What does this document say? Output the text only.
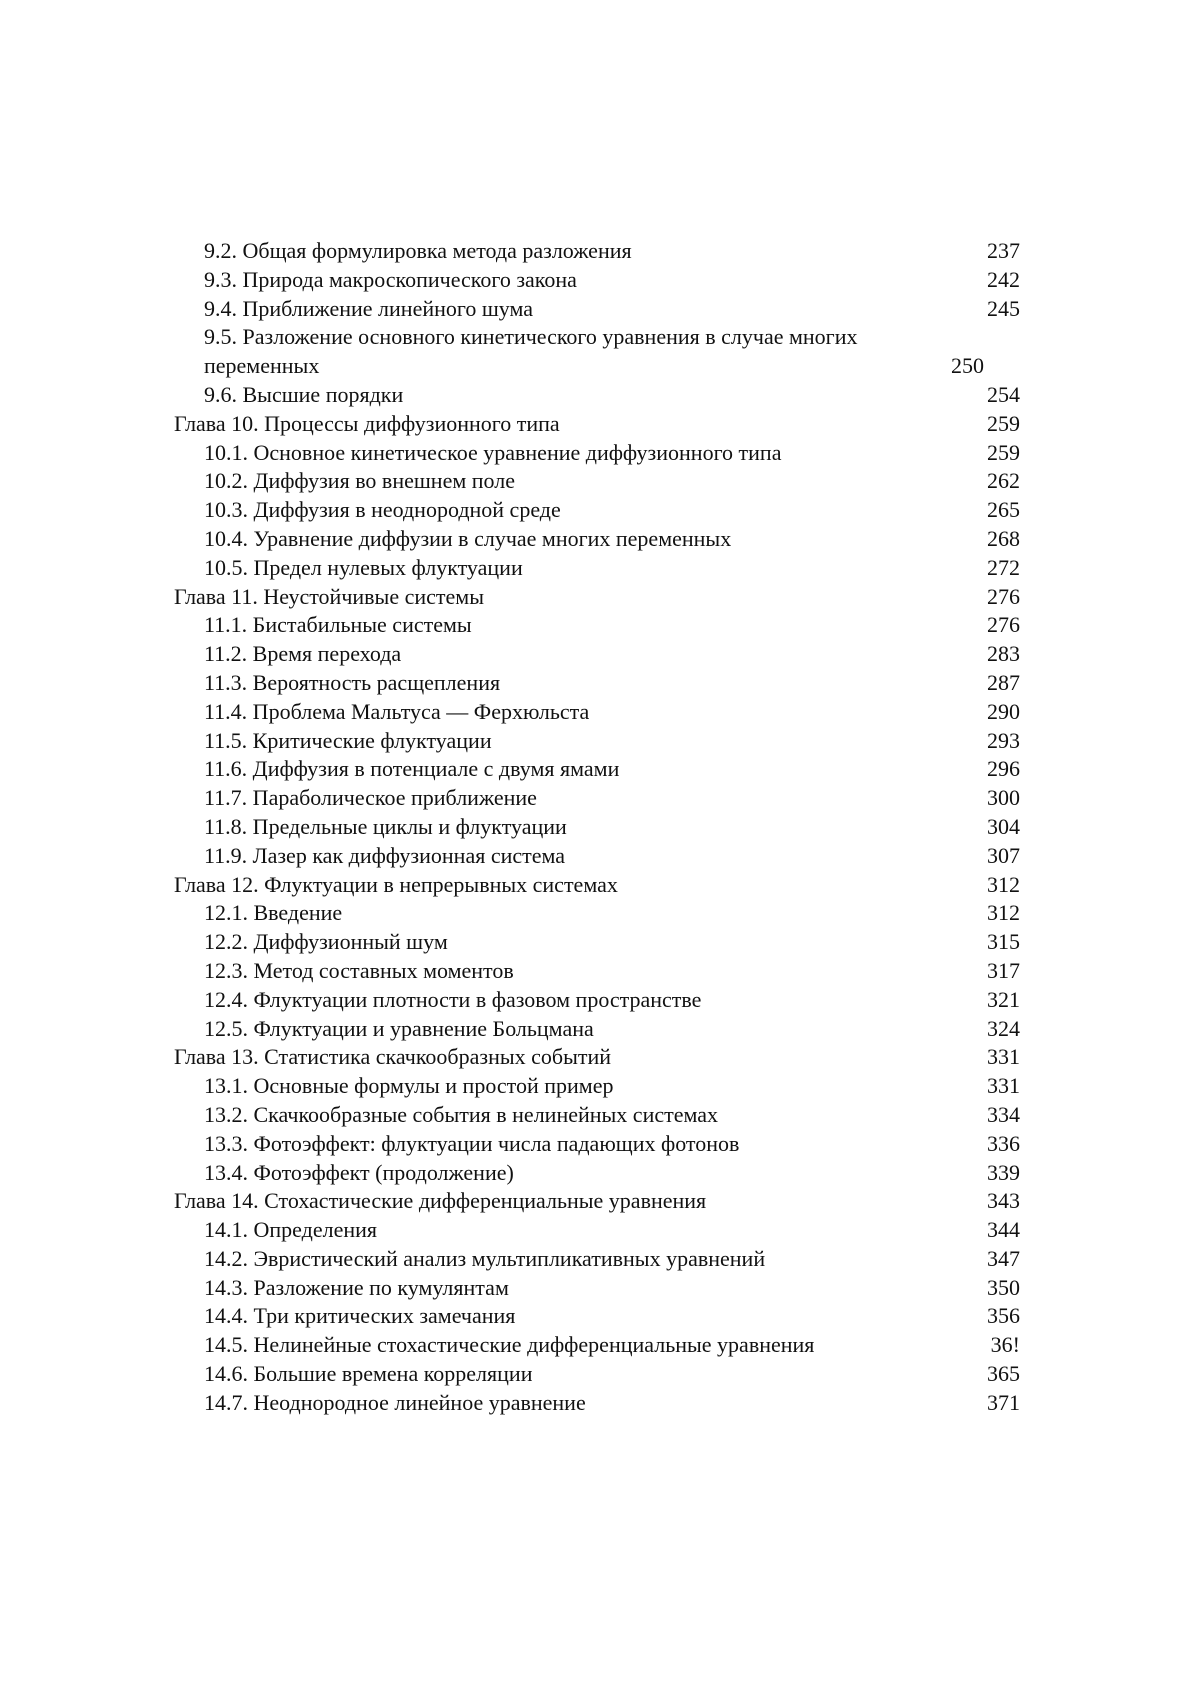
9.2. Общая формулировка метода разложения	237
9.3. Природа макроскопического закона	242
9.4. Приближение линейного шума	245
9.5. Разложение основного кинетического уравнения в случае многих переменных	250
9.6. Высшие порядки	254
Глава 10. Процессы диффузионного типа	259
10.1. Основное кинетическое уравнение диффузионного типа	259
10.2. Диффузия во внешнем поле	262
10.3. Диффузия в неоднородной среде	265
10.4. Уравнение диффузии в случае многих переменных	268
10.5. Предел нулевых флуктуации	272
Глава 11. Неустойчивые системы	276
11.1. Бистабильные системы	276
11.2. Время перехода	283
11.3. Вероятность расщепления	287
11.4. Проблема Мальтуса — Ферхюльста	290
11.5. Критические флуктуации	293
11.6. Диффузия в потенциале с двумя ямами	296
11.7. Параболическое приближение	300
11.8. Предельные циклы и флуктуации	304
11.9. Лазер как диффузионная система	307
Глава 12. Флуктуации в непрерывных системах	312
12.1. Введение	312
12.2. Диффузионный шум	315
12.3. Метод составных моментов	317
12.4. Флуктуации плотности в фазовом пространстве	321
12.5. Флуктуации и уравнение Больцмана	324
Глава 13. Статистика скачкообразных событий	331
13.1. Основные формулы и простой пример	331
13.2. Скачкообразные события в нелинейных системах	334
13.3. Фотоэффект: флуктуации числа падающих фотонов	336
13.4. Фотоэффект (продолжение)	339
Глава 14. Стохастические дифференциальные уравнения	343
14.1. Определения	344
14.2. Эвристический анализ мультипликативных уравнений	347
14.3. Разложение по кумулянтам	350
14.4. Три критических замечания	356
14.5. Нелинейные стохастические дифференциальные уравнения	36!
14.6. Большие времена корреляции	365
14.7. Неоднородное линейное уравнение	371
